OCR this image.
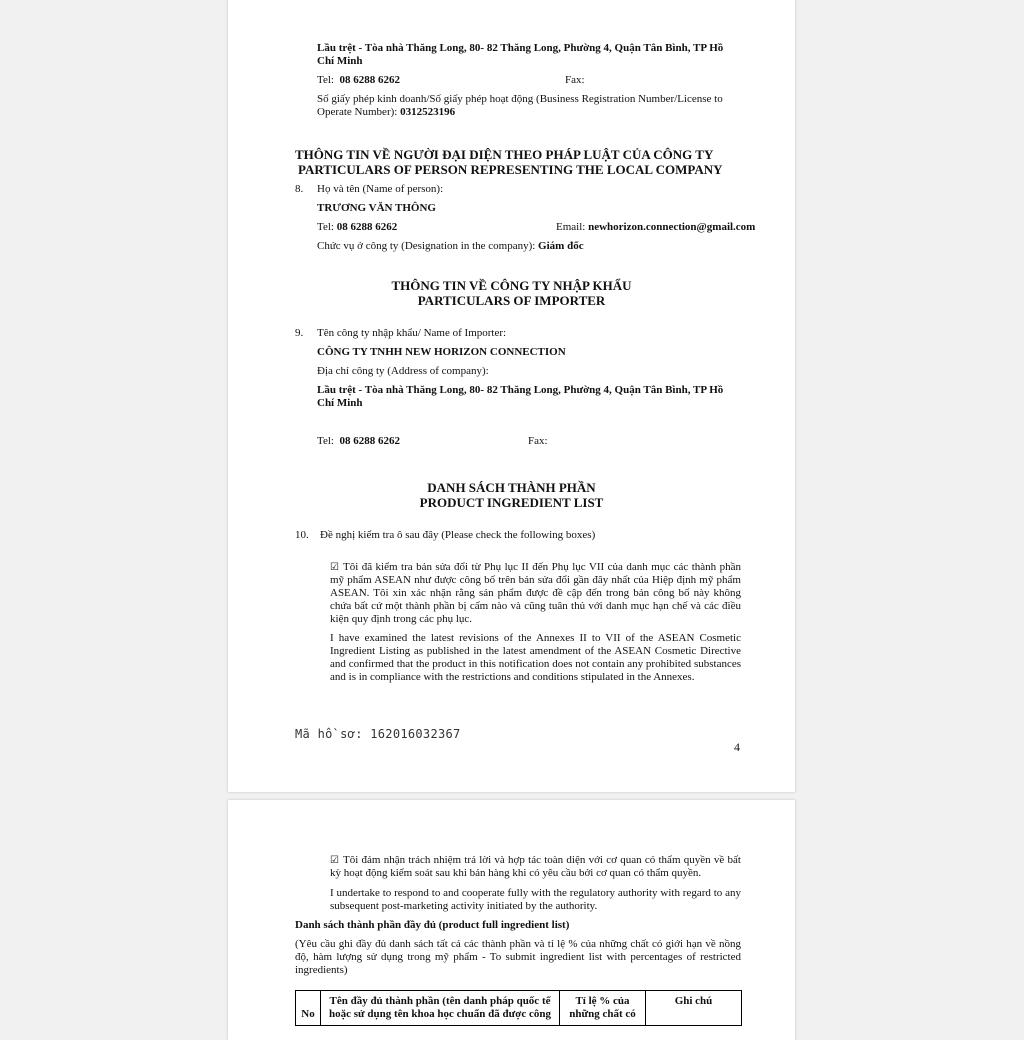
Lầu trệt - Tòa nhà Thăng Long, 80- 82 Thăng Long, Phường 4, Quận Tân Bình, TP Hồ
Chí Minh
Tel: 08 6288 6262	Fax:
Số giấy phép kinh doanh/Số giấy phép hoạt động (Business Registration Number/License to
Operate Number): 0312523196
THÔNG TIN VỀ NGƯỜI ĐẠI DIỆN THEO PHÁP LUẬT CỦA CÔNG TY
PARTICULARS OF PERSON REPRESENTING THE LOCAL COMPANY
8. Họ và tên (Name of person):
TRƯƠNG VĂN THÔNG
Tel: 08 6288 6262	Email: newhorizon.connection@gmail.com
Chức vụ ở công ty (Designation in the company): Giám đốc
THÔNG TIN VỀ CÔNG TY NHẬP KHẨU
PARTICULARS OF IMPORTER
9. Tên công ty nhập khẩu/ Name of Importer:
CÔNG TY TNHH NEW HORIZON CONNECTION
Địa chỉ công ty (Address of company):
Lầu trệt - Tòa nhà Thăng Long, 80- 82 Thăng Long, Phường 4, Quận Tân Bình, TP Hồ
Chí Minh
Tel: 08 6288 6262	Fax:
DANH SÁCH THÀNH PHẦN
PRODUCT INGREDIENT LIST
10. Đề nghị kiểm tra ô sau đây (Please check the following boxes)
☑ Tôi đã kiểm tra bản sửa đổi từ Phụ lục II đến Phụ lục VII của danh mục các thành phần mỹ phẩm ASEAN như được công bố trên bản sửa đổi gần đây nhất của Hiệp định mỹ phẩm ASEAN. Tôi xin xác nhận rằng sản phẩm được đề cập đến trong bản công bố này không chứa bất cứ một thành phần bị cấm nào và cũng tuân thủ với danh mục hạn chế và các điều kiện quy định trong các phụ lục.
I have examined the latest revisions of the Annexes II to VII of the ASEAN Cosmetic Ingredient Listing as published in the latest amendment of the ASEAN Cosmetic Directive and confirmed that the product in this notification does not contain any prohibited substances and is in compliance with the restrictions and conditions stipulated in the Annexes.
Mã hồ sơ: 162016032367
4
☑ Tôi đảm nhận trách nhiệm trả lời và hợp tác toàn diện với cơ quan có thẩm quyền về bất kỳ hoạt động kiểm soát sau khi bán hàng khi có yêu cầu bởi cơ quan có thẩm quyền.
I undertake to respond to and cooperate fully with the regulatory authority with regard to any subsequent post-marketing activity initiated by the authority.
Danh sách thành phần đầy đủ (product full ingredient list)
(Yêu cầu ghi đầy đủ danh sách tất cả các thành phần và tỉ lệ % của những chất có giới hạn về nồng độ, hàm lượng sử dụng trong mỹ phẩm - To submit ingredient list with percentages of restricted ingredients)
No	Tên đầy đủ thành phần (tên danh pháp quốc tế hoặc sử dụng tên khoa học chuẩn đã được công	Tỉ lệ % của những chất có	Ghi chú
